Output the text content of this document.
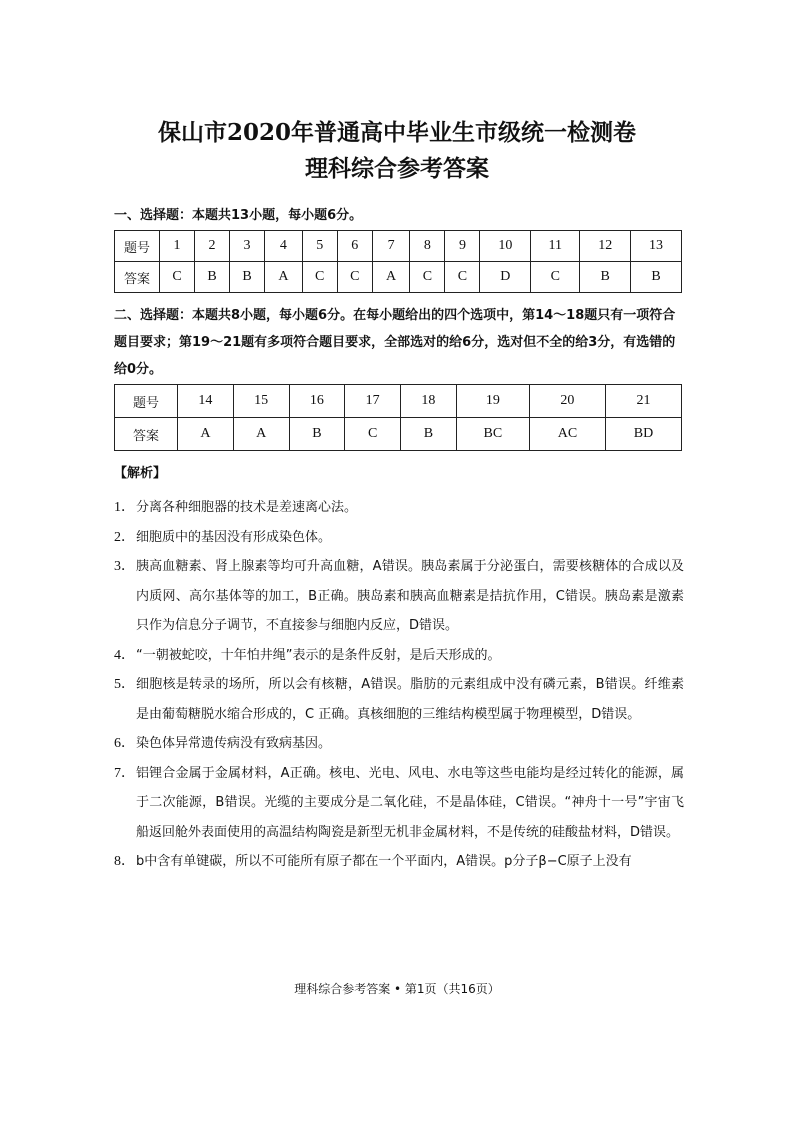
保山市2020年普通高中毕业生市级统一检测卷
理科综合参考答案
一、选择题：本题共13小题，每小题6分。
题号	1	2	3	4	5	6	7	8	9	10	11	12	13
答案	C	B	B	A	C	C	A	C	C	D	C	B	B
二、选择题：本题共8小题，每小题6分。在每小题给出的四个选项中，第14～18题只有一项符合题目要求；第19～21题有多项符合题目要求，全部选对的给6分，选对但不全的给3分，有选错的给0分。
题号	14	15	16	17	18	19	20	21
答案	A	A	B	C	B	BC	AC	BD
【解析】
1． 分离各种细胞器的技术是差速离心法。
2． 细胞质中的基因没有形成染色体。
3． 胰高血糖素、肾上腺素等均可升高血糖，A错误。胰岛素属于分泌蛋白，需要核糖体的合成以及内质网、高尔基体等的加工，B正确。胰岛素和胰高血糖素是拮抗作用，C错误。胰岛素是激素只作为信息分子调节，不直接参与细胞内反应，D错误。
4． “一朝被蛇咬，十年怕井绳”表示的是条件反射，是后天形成的。
5． 细胞核是转录的场所，所以会有核糖，A错误。脂肪的元素组成中没有磷元素，B错误。纤维素是由葡萄糖脱水缩合形成的，C 正确。真核细胞的三维结构模型属于物理模型，D错误。
6． 染色体异常遗传病没有致病基因。
7． 铝锂合金属于金属材料，A正确。核电、光电、风电、水电等这些电能均是经过转化的能源，属于二次能源，B错误。光缆的主要成分是二氧化硅，不是晶体硅，C错误。“神舟十一号”宇宙飞船返回舱外表面使用的高温结构陶瓷是新型无机非金属材料，不是传统的硅酸盐材料，D错误。
8． b中含有单键碳，所以不可能所有原子都在一个平面内，A错误。p分子β−C原子上没有
理科综合参考答案 • 第1页（共16页）
